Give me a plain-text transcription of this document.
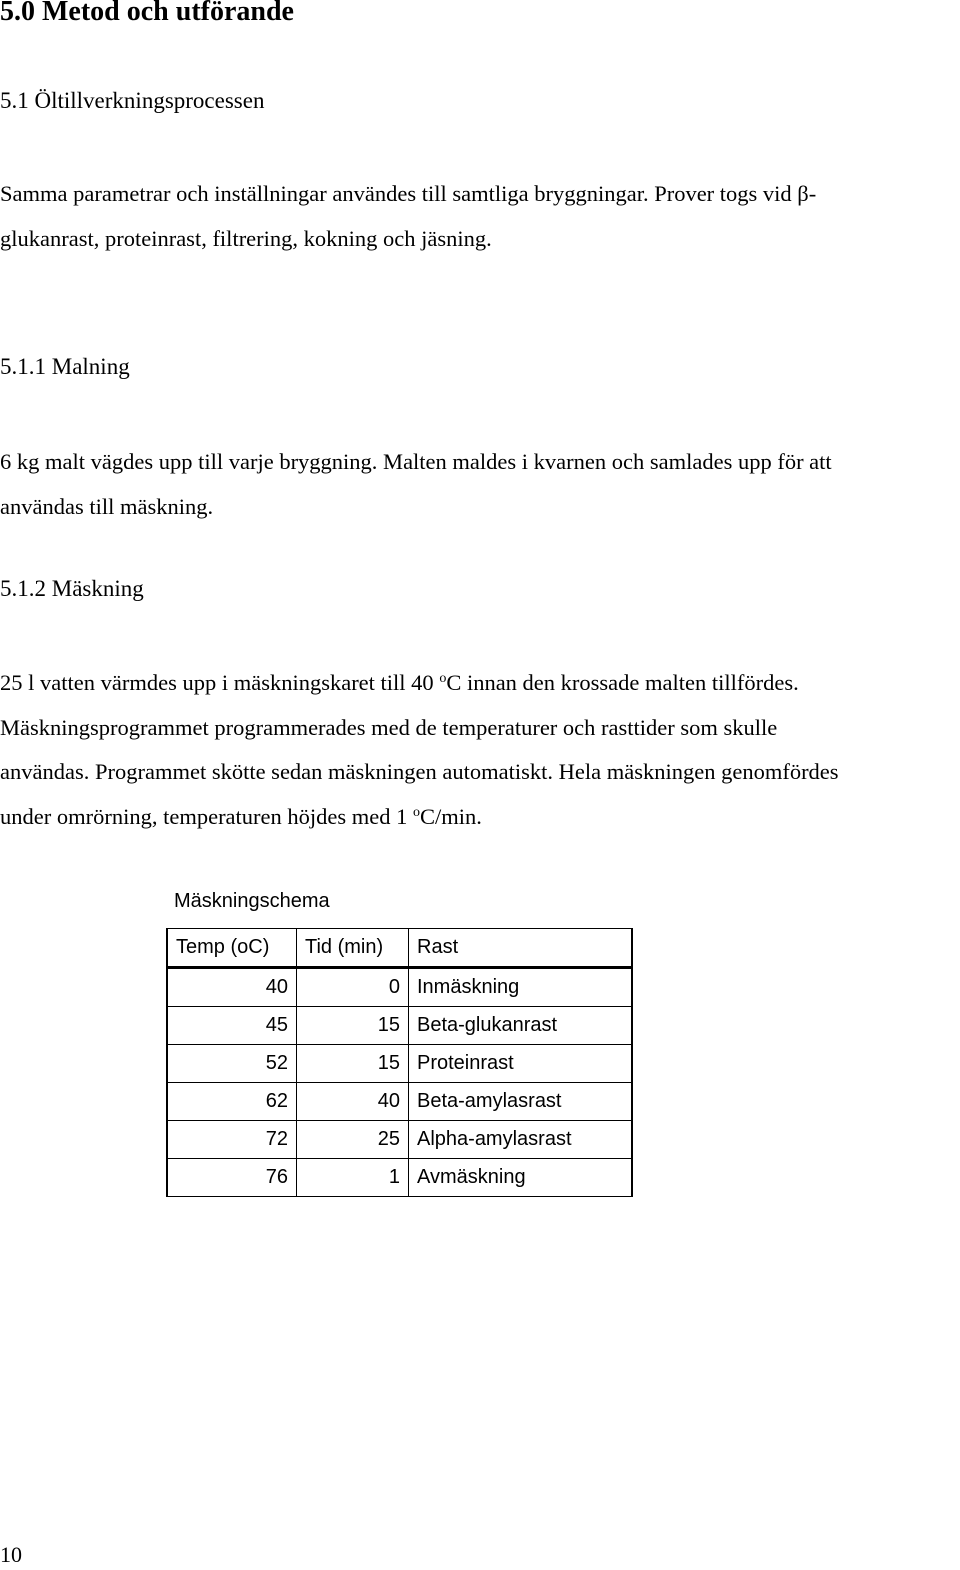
5.0 Metod och utförande
5.1 Öltillverkningsprocessen
Samma parametrar och inställningar användes till samtliga bryggningar. Prover togs vid β-
glukanrast, proteinrast, filtrering, kokning och jäsning.
5.1.1 Malning
6 kg malt vägdes upp till varje bryggning. Malten maldes i kvarnen och samlades upp för att
användas till mäskning.
5.1.2 Mäskning
25 l vatten värmdes upp i mäskningskaret till 40 $^o$C innan den krossade malten tillfördes.
Mäskningsprogrammet programmerades med de temperaturer och rasttider som skulle
användas. Programmet skötte sedan mäskningen automatiskt. Hela mäskningen genomfördes
under omrörning, temperaturen höjdes med 1 $^o$C/min.
Mäskningschema
Temp (oC)	Tid (min)	Rast
40	0	Inmäskning
45	15	Beta-glukanrast
52	15	Proteinrast
62	40	Beta-amylasrast
72	25	Alpha-amylasrast
76	1	Avmäskning
10
